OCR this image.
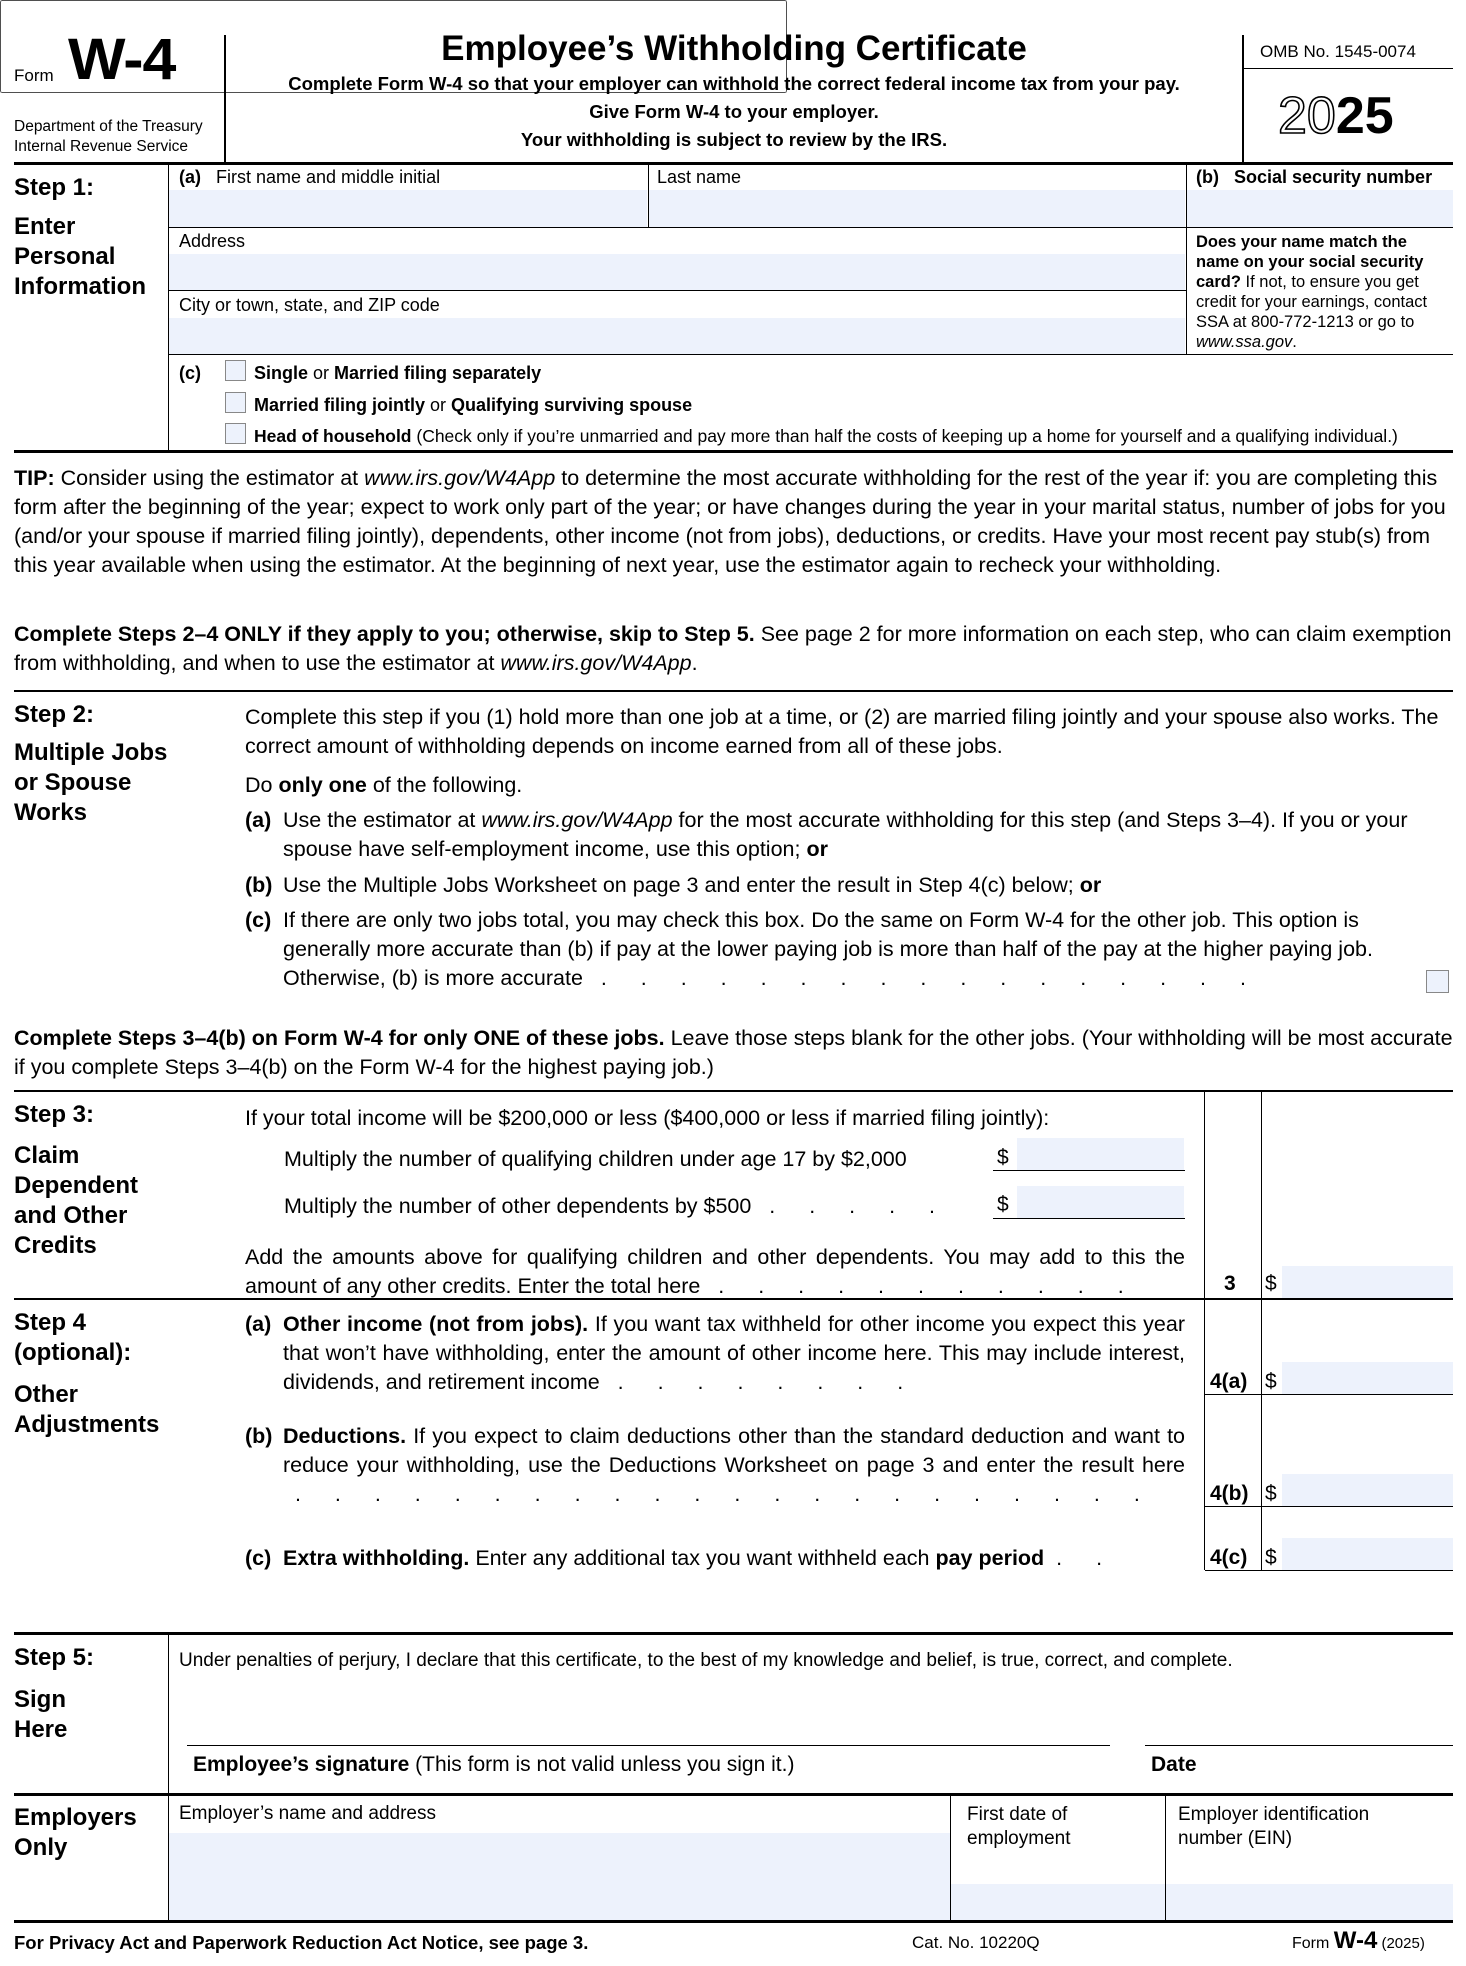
Form W-4
Department of the Treasury
Internal Revenue Service
Employee’s Withholding Certificate
Complete Form W-4 so that your employer can withhold the correct federal income tax from your pay.
Give Form W-4 to your employer.
Your withholding is subject to review by the IRS.
OMB No. 1545-0074
2025
Step 1:
Enter
Personal
Information
(a) First name and middle initial	Last name	(b) Social security number
Address
City or town, state, and ZIP code
Does your name match the name on your social security card? If not, to ensure you get credit for your earnings, contact SSA at 800-772-1213 or go to www.ssa.gov.
(c)	Single or Married filing separately
Married filing jointly or Qualifying surviving spouse
Head of household (Check only if you’re unmarried and pay more than half the costs of keeping up a home for yourself and a qualifying individual.)
TIP: Consider using the estimator at www.irs.gov/W4App to determine the most accurate withholding for the rest of the year if: you are completing this form after the beginning of the year; expect to work only part of the year; or have changes during the year in your marital status, number of jobs for you (and/or your spouse if married filing jointly), dependents, other income (not from jobs), deductions, or credits. Have your most recent pay stub(s) from this year available when using the estimator. At the beginning of next year, use the estimator again to recheck your withholding.
Complete Steps 2–4 ONLY if they apply to you; otherwise, skip to Step 5. See page 2 for more information on each step, who can claim exemption from withholding, and when to use the estimator at www.irs.gov/W4App.
Step 2:
Multiple Jobs
or Spouse
Works
Complete this step if you (1) hold more than one job at a time, or (2) are married filing jointly and your spouse also works. The correct amount of withholding depends on income earned from all of these jobs.
Do only one of the following.
(a) Use the estimator at www.irs.gov/W4App for the most accurate withholding for this step (and Steps 3–4). If you or your spouse have self-employment income, use this option; or
(b) Use the Multiple Jobs Worksheet on page 3 and enter the result in Step 4(c) below; or
(c) If there are only two jobs total, you may check this box. Do the same on Form W-4 for the other job. This option is generally more accurate than (b) if pay at the lower paying job is more than half of the pay at the higher paying job. Otherwise, (b) is more accurate . . . . . . . . . . . . . . . . .
Complete Steps 3–4(b) on Form W-4 for only ONE of these jobs. Leave those steps blank for the other jobs. (Your withholding will be most accurate if you complete Steps 3–4(b) on the Form W-4 for the highest paying job.)
Step 3:
Claim
Dependent
and Other
Credits
If your total income will be $200,000 or less ($400,000 or less if married filing jointly):
Multiply the number of qualifying children under age 17 by $2,000	$
Multiply the number of other dependents by $500 . . . . . $
Add the amounts above for qualifying children and other dependents. You may add to this the amount of any other credits. Enter the total here . . . . . . . . . . .	3 $
Step 4
(optional):
Other
Adjustments
(a) Other income (not from jobs). If you want tax withheld for other income you expect this year that won’t have withholding, enter the amount of other income here. This may include interest, dividends, and retirement income . . . . . . . .
(b) Deductions. If you expect to claim deductions other than the standard deduction and want to reduce your withholding, use the Deductions Worksheet on page 3 and enter the result here   . . . . . . . . . . . . . . . . . . . . . .
(c) Extra withholding. Enter any additional tax you want withheld each pay period . .
4(a) $
4(b) $
4(c) $
Step 5:
Sign
Here
Under penalties of perjury, I declare that this certificate, to the best of my knowledge and belief, is true, correct, and complete.
Employee’s signature (This form is not valid unless you sign it.)	Date
Employers
Only
Employer’s name and address	First date of
employment
Employer identification
number (EIN)
For Privacy Act and Paperwork Reduction Act Notice, see page 3.	Cat. No. 10220Q	Form W-4 (2025)
